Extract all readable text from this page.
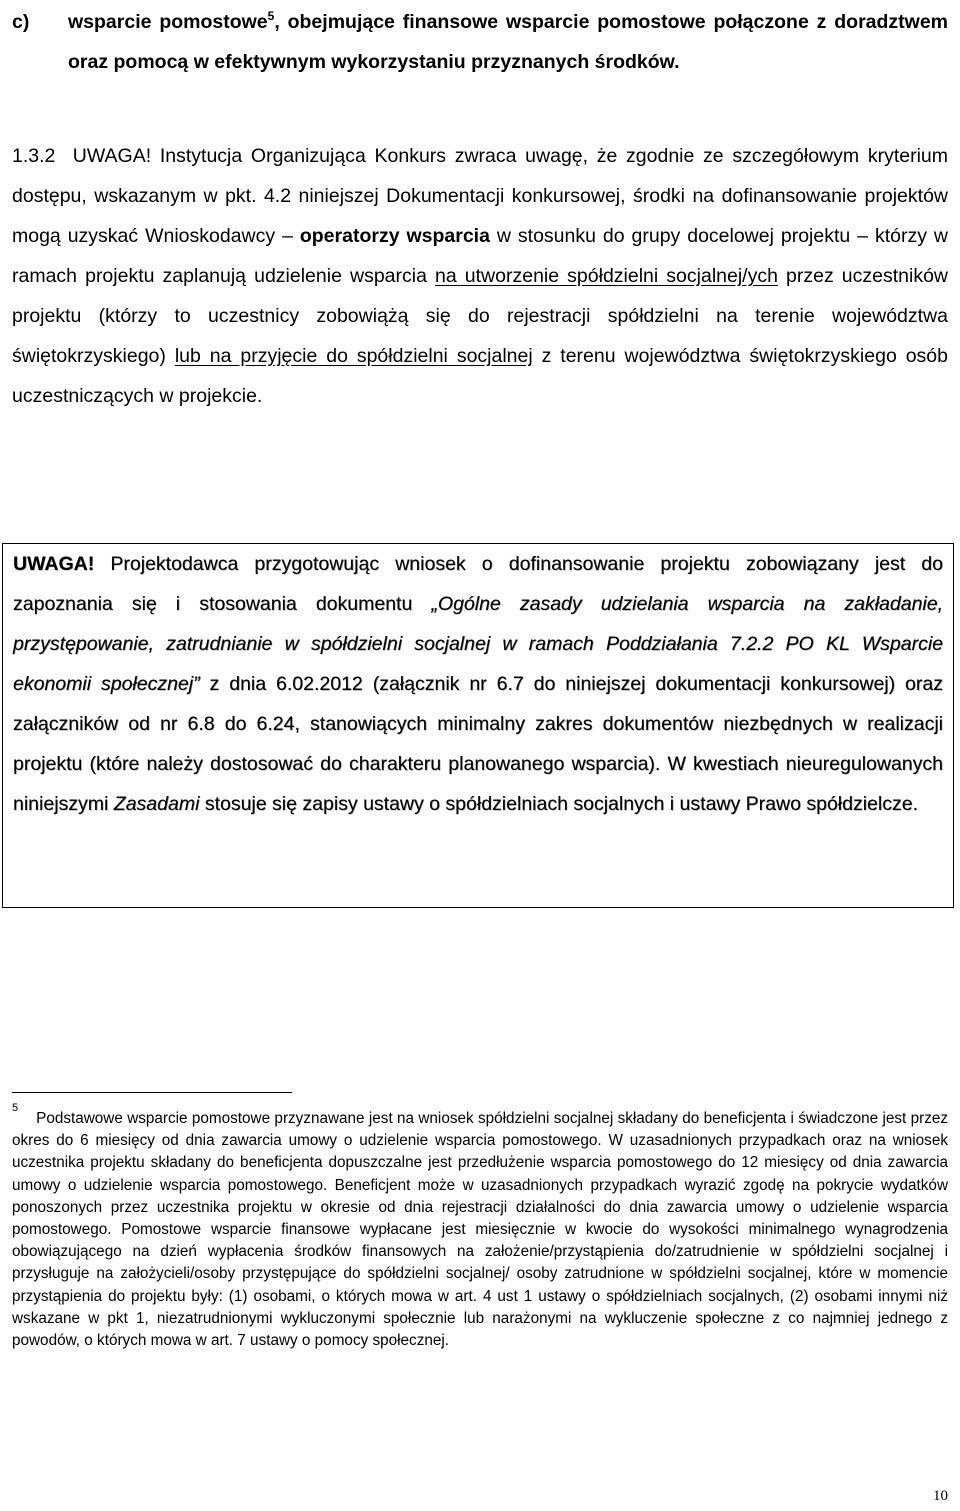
c) wsparcie pomostowe$^5$, obejmujące finansowe wsparcie pomostowe połączone z doradztwem oraz pomocą w efektywnym wykorzystaniu przyznanych środków.
1.3.2 UWAGA! Instytucja Organizująca Konkurs zwraca uwagę, że zgodnie ze szczegółowym kryterium dostępu, wskazanym w pkt. 4.2 niniejszej Dokumentacji konkursowej, środki na dofinansowanie projektów mogą uzyskać Wnioskodawcy – operatorzy wsparcia w stosunku do grupy docelowej projektu – którzy w ramach projektu zaplanują udzielenie wsparcia na utworzenie spółdzielni socjalnej/ych przez uczestników projektu (którzy to uczestnicy zobowiążą się do rejestracji spółdzielni na terenie województwa świętokrzyskiego) lub na przyjęcie do spółdzielni socjalnej z terenu województwa świętokrzyskiego osób uczestniczących w projekcie.
UWAGA! Projektodawca przygotowując wniosek o dofinansowanie projektu zobowiązany jest do zapoznania się i stosowania dokumentu „Ogólne zasady udzielania wsparcia na zakładanie, przystępowanie, zatrudnianie w spółdzielni socjalnej w ramach Poddziałania 7.2.2 PO KL Wsparcie ekonomii społecznej” z dnia 6.02.2012 (załącznik nr 6.7 do niniejszej dokumentacji konkursowej) oraz załączników od nr 6.8 do 6.24, stanowiących minimalny zakres dokumentów niezbędnych w realizacji projektu (które należy dostosować do charakteru planowanego wsparcia). W kwestiach nieuregulowanych niniejszymi Zasadami stosuje się zapisy ustawy o spółdzielniach socjalnych i ustawy Prawo spółdzielcze.
$^5$Podstawowe wsparcie pomostowe przyznawane jest na wniosek spółdzielni socjalnej składany do beneficjenta i świadczone jest przez okres do 6 miesięcy od dnia zawarcia umowy o udzielenie wsparcia pomostowego. W uzasadnionych przypadkach oraz na wniosek uczestnika projektu składany do beneficjenta dopuszczalne jest przedłużenie wsparcia pomostowego do 12 miesięcy od dnia zawarcia umowy o udzielenie wsparcia pomostowego. Beneficjent może w uzasadnionych przypadkach wyrazić zgodę na pokrycie wydatków ponoszonych przez uczestnika projektu w okresie od dnia rejestracji działalności do dnia zawarcia umowy o udzielenie wsparcia pomostowego. Pomostowe wsparcie finansowe wypłacane jest miesięcznie w kwocie do wysokości minimalnego wynagrodzenia obowiązującego na dzień wypłacenia środków finansowych na założenie/przystąpienia do/zatrudnienie w spółdzielni socjalnej i przysługuje na założycieli/osoby przystępujące do spółdzielni socjalnej/ osoby zatrudnione w spółdzielni socjalnej, które w momencie przystąpienia do projektu były: (1) osobami, o których mowa w art. 4 ust 1 ustawy o spółdzielniach socjalnych, (2) osobami innymi niż wskazane w pkt 1, niezatrudnionymi wykluczonymi społecznie lub narażonymi na wykluczenie społeczne z co najmniej jednego z powodów, o których mowa w art. 7 ustawy o pomocy społecznej.
10
